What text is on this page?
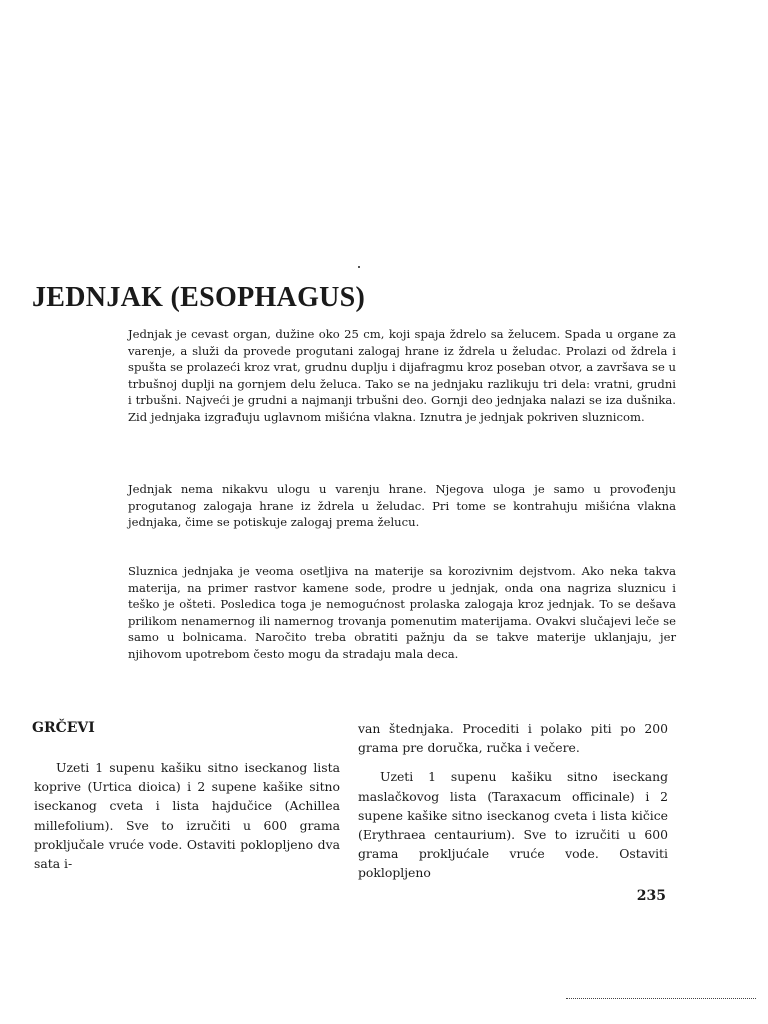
JEDNJAK (ESOPHAGUS)

Jednjak je cevast organ, dužine oko 25 cm, koji spaja ždrelo sa želucem. Spada u organe za varenje, a služi da provede progutani zalogaj hrane iz ždrela u želudac. Prolazi od ždrela i spušta se prolazeći kroz vrat, grudnu duplju i dijafragmu kroz poseban otvor, a završava se u trbušnoj duplji na gornjem delu želuca. Tako se na jednjaku razlikuju tri dela: vratni, grudni i trbušni. Najveći je grudni a najmanji trbušni deo. Gornji deo jednjaka nalazi se iza dušnika. Zid jednjaka izgrađuju uglavnom mišićna vlakna. Iznutra je jednjak pokriven sluznicom.

Jednjak nema nikakvu ulogu u varenju hrane. Njegova uloga je samo u provođenju progutanog zalogaja hrane iz ždrela u želudac. Pri tome se kontrahuju mišićna vlakna jednjaka, čime se potiskuje zalogaj prema želucu.

Sluznica jednjaka je veoma osetljiva na materije sa korozivnim dejstvom. Ako neka takva materija, na primer rastvor kamene sode, prodre u jednjak, onda ona nagriza sluznicu i teško je ošteti. Posledica toga je nemogućnost prolaska zalogaja kroz jednjak. To se dešava prilikom nenamernog ili namernog trovanja pomenutim materijama. Ovakvi slučajevi leče se samo u bolnicama. Naročito treba obratiti pažnju da se takve materije uklanjaju, jer njihovom upotrebom često mogu da stradaju mala deca.

GRČEVI

Uzeti 1 supenu kašiku sitno iseckanog lista koprive (Urtica dioica) i 2 supene kašike sitno iseckanog cveta i lista hajdučice (Achillea millefolium). Sve to izručiti u 600 grama proključale vruće vode. Ostaviti poklopljeno dva sata i-

van štednjaka. Procediti i polako piti po 200 grama pre doručka, ručka i večere.

Uzeti 1 supenu kašiku sitno iseckang maslačkovog lista (Taraxacum officinale) i 2 supene kašike sitno iseckanog cveta i lista kičice (Erythraea centaurium). Sve to izručiti u 600 grama prokljućale vruće vode. Ostaviti poklopljeno

235
